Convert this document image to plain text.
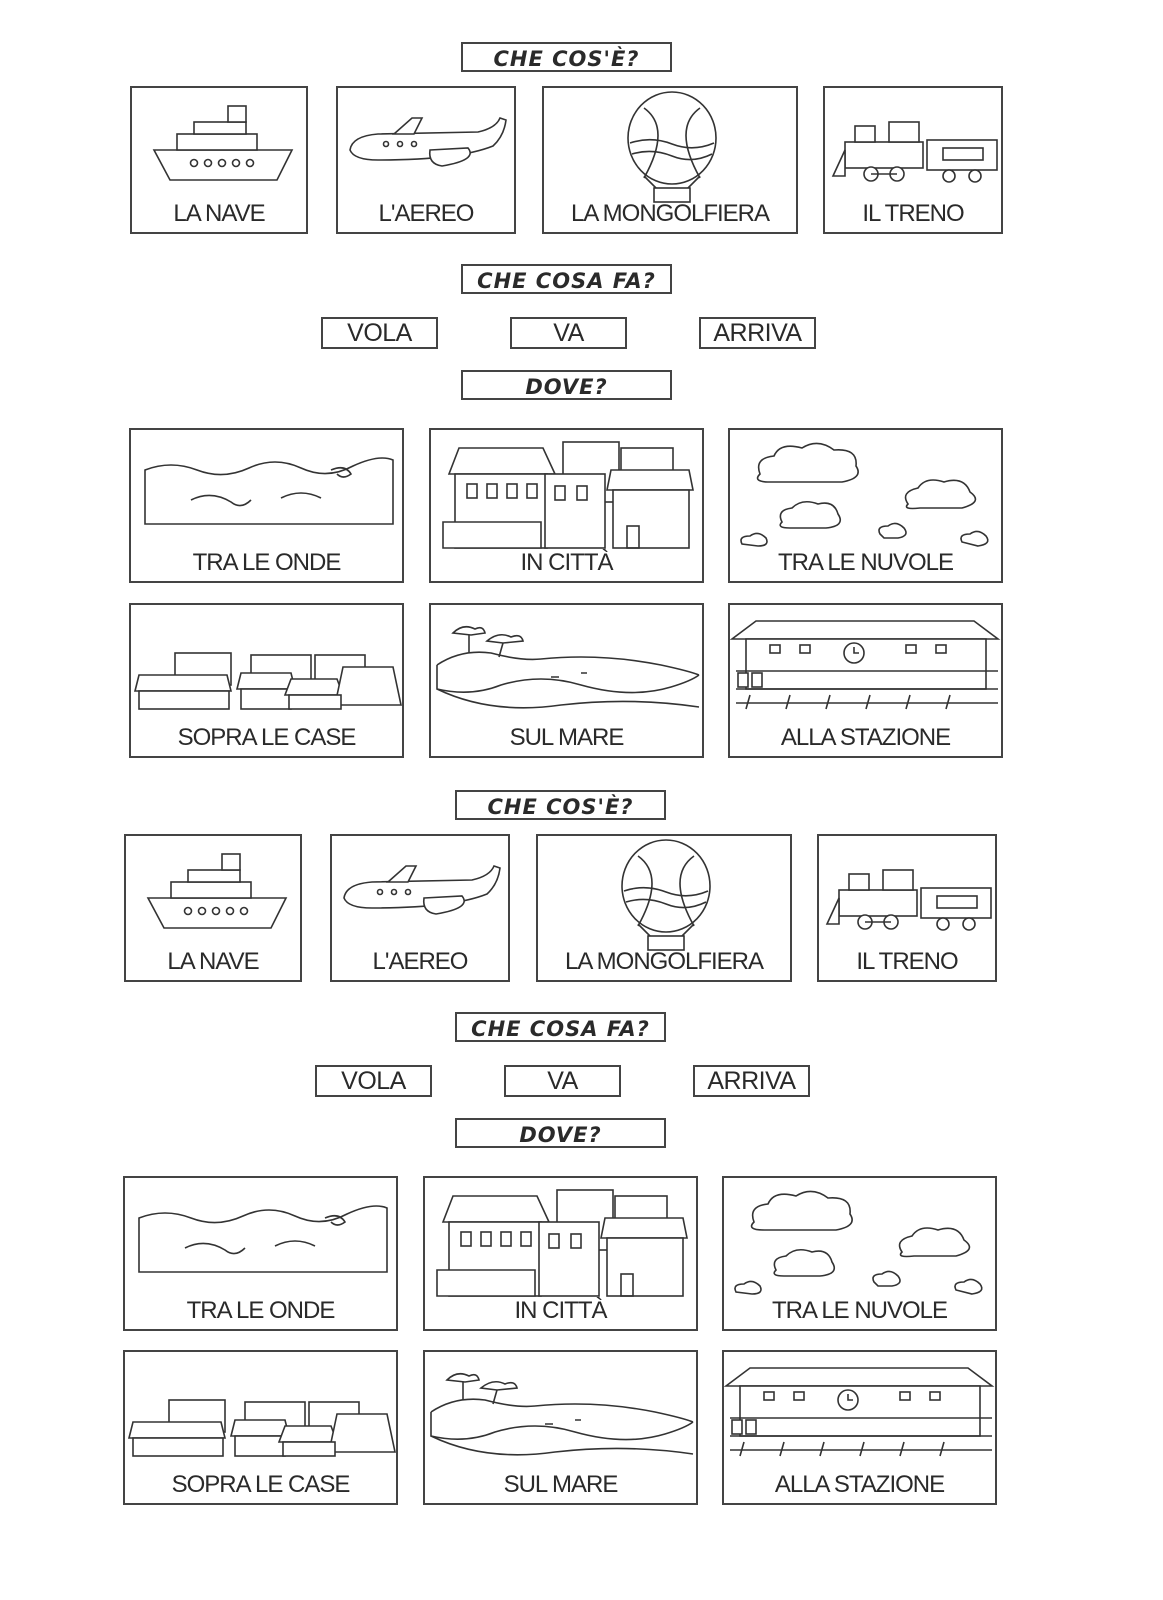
CHE COS'È?
LA NAVE	L'AEREO	LA MONGOLFIERA	IL TRENO
CHE COSA FA?
VOLA	VA	ARRIVA
DOVE?
TRA LE ONDE	IN CITTÀ	TRA LE NUVOLE
SOPRA LE CASE	SUL MARE	ALLA STAZIONE
CHE COS'È?
LA NAVE	L'AEREO	LA MONGOLFIERA	IL TRENO
CHE COSA FA?
VOLA	VA	ARRIVA
DOVE?
TRA LE ONDE	IN CITTÀ	TRA LE NUVOLE
SOPRA LE CASE	SUL MARE	ALLA STAZIONE
